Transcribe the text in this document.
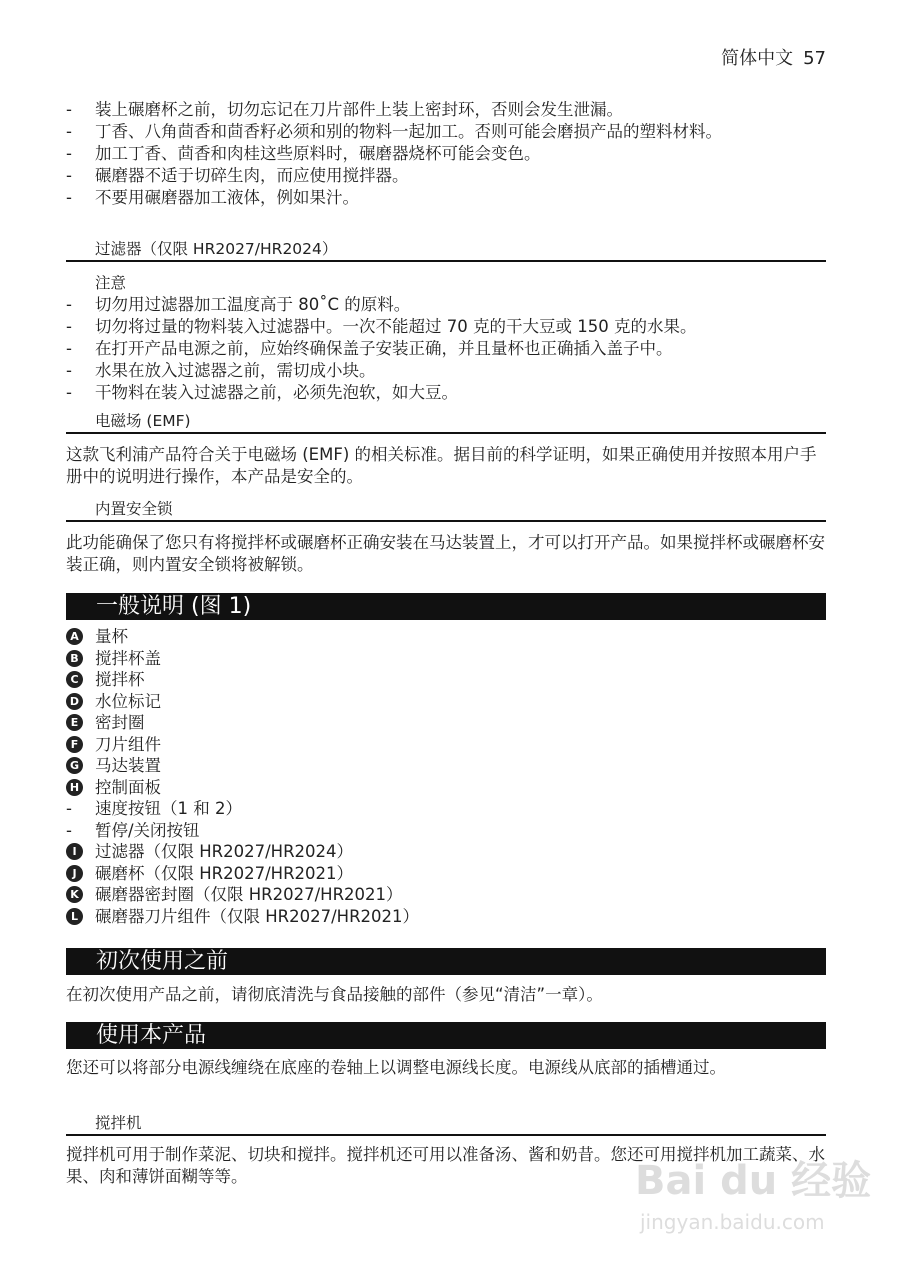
简体中文 57
- 装上碾磨杯之前，切勿忘记在刀片部件上装上密封环，否则会发生泄漏。
- 丁香、八角茴香和茴香籽必须和别的物料一起加工。否则可能会磨损产品的塑料材料。
- 加工丁香、茴香和肉桂这些原料时，碾磨器烧杯可能会变色。
- 碾磨器不适于切碎生肉，而应使用搅拌器。
- 不要用碾磨器加工液体，例如果汁。
过滤器（仅限 HR2027/HR2024）
注意
- 切勿用过滤器加工温度高于 80˚C 的原料。
- 切勿将过量的物料装入过滤器中。一次不能超过 70 克的干大豆或 150 克的水果。
- 在打开产品电源之前，应始终确保盖子安装正确，并且量杯也正确插入盖子中。
- 水果在放入过滤器之前，需切成小块。
- 干物料在装入过滤器之前，必须先泡软，如大豆。
电磁场 (EMF)
这款飞利浦产品符合关于电磁场 (EMF) 的相关标准。据目前的科学证明，如果正确使用并按照本用户手册中的说明进行操作，本产品是安全的。
内置安全锁
此功能确保了您只有将搅拌杯或碾磨杯正确安装在马达装置上，才可以打开产品。如果搅拌杯或碾磨杯安装正确，则内置安全锁将被解锁。
一般说明 (图 1)
A 量杯
B 搅拌杯盖
C 搅拌杯
D 水位标记
E 密封圈
F 刀片组件
G 马达装置
H 控制面板
- 速度按钮（1 和 2）
- 暂停/关闭按钮
I	过滤器（仅限 HR2027/HR2024）
J	碾磨杯（仅限 HR2027/HR2021）
K 碾磨器密封圈（仅限 HR2027/HR2021）
L	碾磨器刀片组件（仅限 HR2027/HR2021）
初次使用之前
在初次使用产品之前，请彻底清洗与食品接触的部件（参见“清洁”一章）。
使用本产品
您还可以将部分电源线缠绕在底座的卷轴上以调整电源线长度。电源线从底部的插槽通过。
搅拌机
搅拌机可用于制作菜泥、切块和搅拌。搅拌机还可用以准备汤、酱和奶昔。您还可用搅拌机加工蔬菜、水果、肉和薄饼面糊等等。	Bai du 经验
jingyan.baidu.com
